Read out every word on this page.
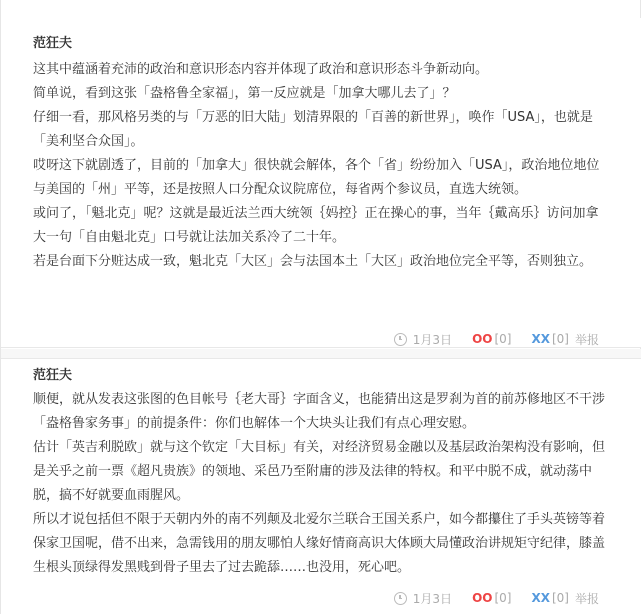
范狂夫

这其中蕴涵着充沛的政治和意识形态内容并体现了政治和意识形态斗争新动向。

简单说，看到这张「盎格鲁全家福」，第一反应就是「加拿大哪儿去了」？

仔细一看，那风格另类的与「万恶的旧大陆」划清界限的「百善的新世界」，唤作「USA」，也就是「美利坚合众国」。

哎呀这下就剧透了，目前的「加拿大」很快就会解体，各个「省」纷纷加入「USA」，政治地位地位与美国的「州」平等，还是按照人口分配众议院席位，每省两个参议员，直选大统领。

或问了，「魁北克」呢？这就是最近法兰西大统领｛妈控｝正在操心的事，当年｛戴高乐｝访问加拿大一句「自由魁北克」口号就让法加关系冷了二十年。

若是台面下分赃达成一致，魁北克「大区」会与法国本土「大区」政治地位完全平等，否则独立。

1月3日 OO [0] XX [0] 举报
范狂夫

顺便，就从发表这张图的色目帐号｛老大哥｝字面含义，也能猜出这是罗刹为首的前苏修地区不干涉「盎格鲁家务事」的前提条件：你们也解体一个大块头让我们有点心理安慰。

估计「英吉利脱欧」就与这个钦定「大目标」有关，对经济贸易金融以及基层政治架构没有影响，但是关乎之前一票《超凡贵族》的领地、采邑乃至附庸的涉及法律的特权。和平中脱不成，就动荡中脱，搞不好就要血雨腥风。

所以才说包括但不限于天朝内外的南不列颠及北爱尔兰联合王国关系户，如今都攥住了手头英镑等着保家卫国呢，借不出来，急需钱用的朋友哪怕人缘好情商高识大体顾大局懂政治讲规矩守纪律，膝盖生根头顶绿得发黑贱到骨子里去了过去跪舔……也没用，死心吧。

1月3日 OO [0] XX [0] 举报
